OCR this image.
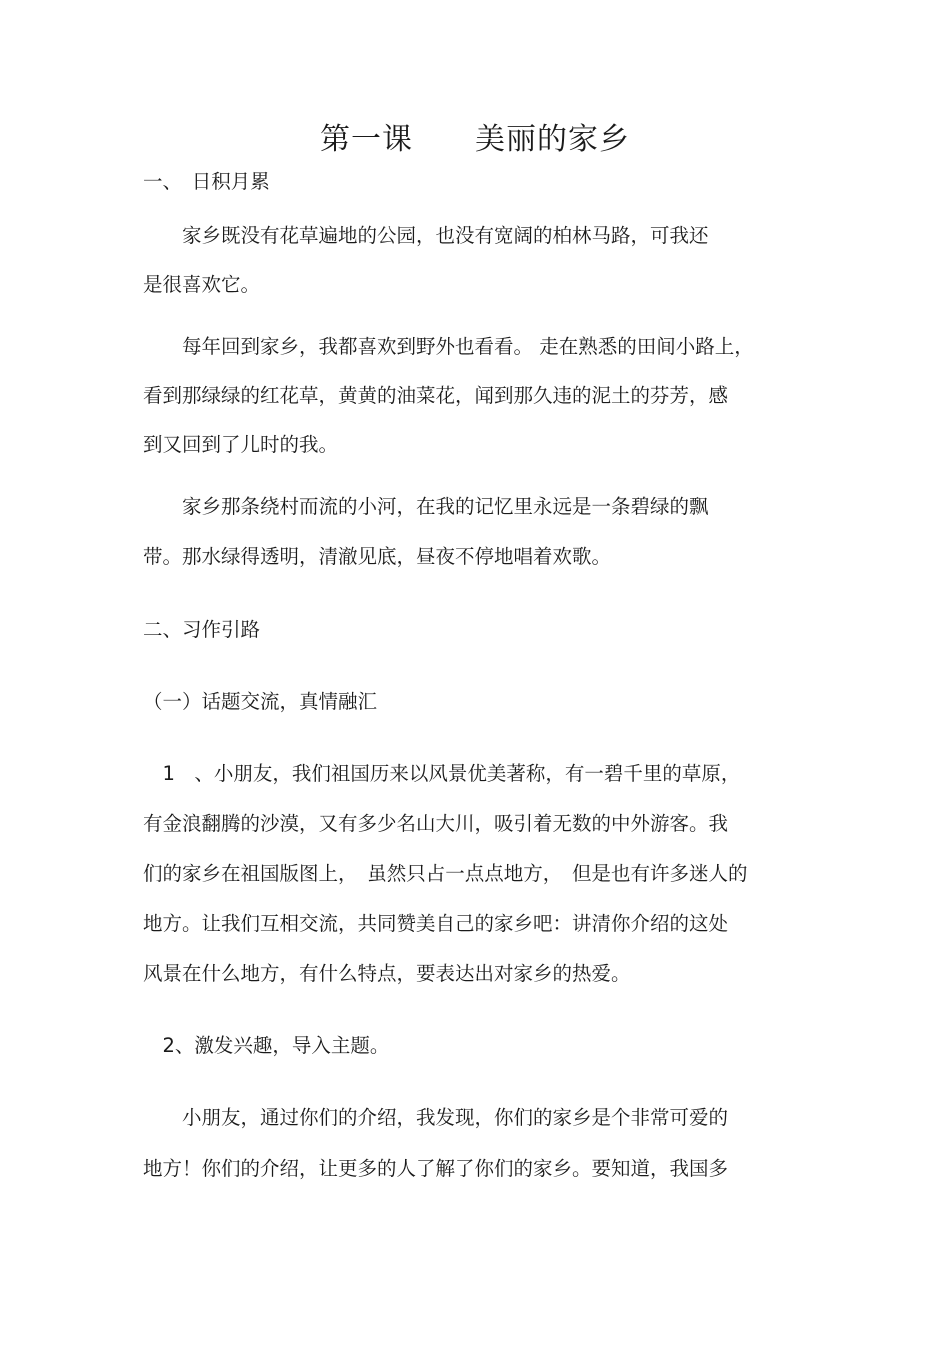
第一课　　美丽的家乡
一、　日积月累
　　家乡既没有花草遍地的公园，也没有宽阔的柏林马路，可我还
是很喜欢它。
　　每年回到家乡，我都喜欢到野外也看看。 走在熟悉的田间小路上，
看到那绿绿的红花草，黄黄的油菜花，闻到那久违的泥土的芬芳，感
到又回到了儿时的我。
　　家乡那条绕村而流的小河，在我的记忆里永远是一条碧绿的飘
带。那水绿得透明，清澈见底，昼夜不停地唱着欢歌。
二、习作引路
（一）话题交流，真情融汇
　1　、小朋友，我们祖国历来以风景优美著称，有一碧千里的草原，
有金浪翻腾的沙漠，又有多少名山大川，吸引着无数的中外游客。我
们的家乡在祖国版图上，　虽然只占一点点地方，　但是也有许多迷人的
地方。让我们互相交流，共同赞美自己的家乡吧：讲清你介绍的这处
风景在什么地方，有什么特点，要表达出对家乡的热爱。
　2、激发兴趣，导入主题。
　　小朋友，通过你们的介绍，我发现，你们的家乡是个非常可爱的
地方！你们的介绍，让更多的人了解了你们的家乡。要知道，我国多
